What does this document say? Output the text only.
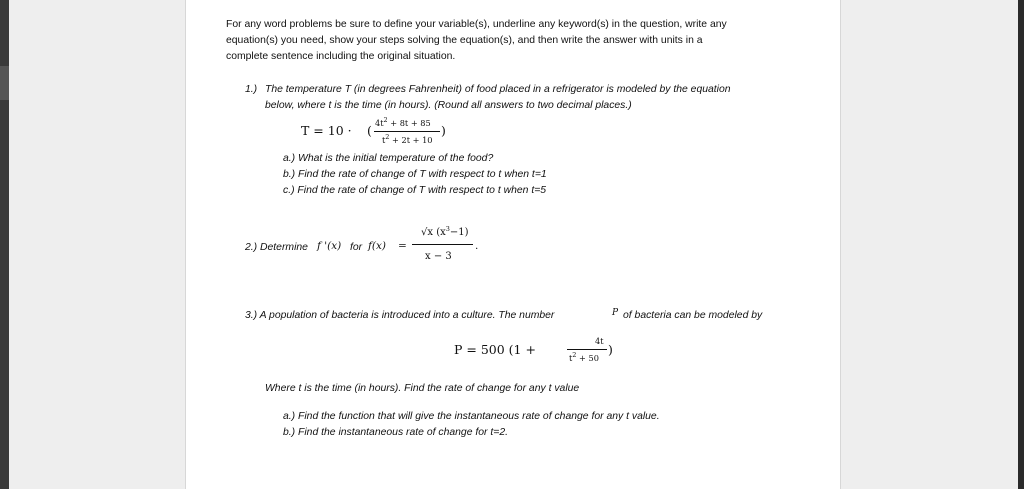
For any word problems be sure to define your variable(s), underline any keyword(s) in the question, write any
equation(s) you need, show your steps solving the equation(s), and then write the answer with units in a
complete sentence including the original situation.
1.) The temperature T (in degrees Fahrenheit) of food placed in a refrigerator is modeled by the equation
below, where t is the time (in hours). (Round all answers to two decimal places.)
T = 10 · ( $4t^2 + 8t + 85$
$t^2 + 2t + 10$
)
a.) What is the initial temperature of the food?
b.) Find the rate of change of T with respect to t when t=1
c.) Find the rate of change of T with respect to t when t=5
2.) Determine f '(x) for f(x) =
√x $(x^3-1)$
x − 3
.
3.) A population of bacteria is introduced into a culture. The number	P of bacteria can be modeled by
P = 500 (1 +
4t
$t^2 + 50$
)
Where t is the time (in hours). Find the rate of change for any t value
a.) Find the function that will give the instantaneous rate of change for any t value.
b.) Find the instantaneous rate of change for t=2.
